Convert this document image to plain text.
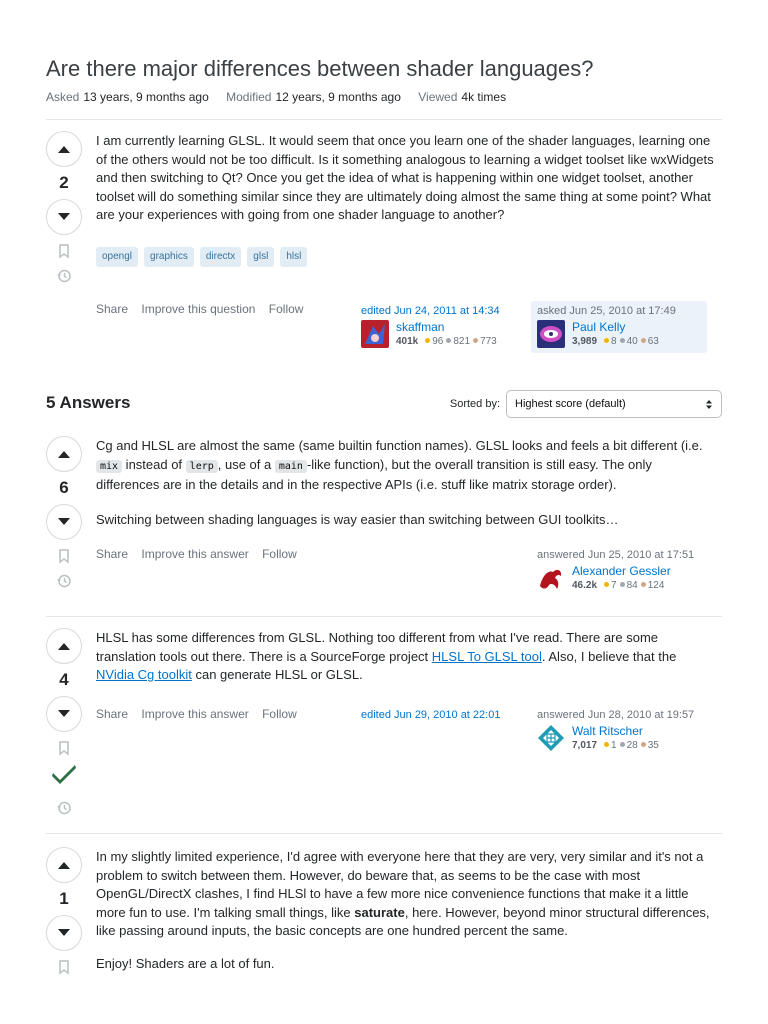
Are there major differences between shader languages?
Asked 13 years, 9 months ago Modified 12 years, 9 months ago Viewed 4k times
2

I am currently learning GLSL. It would seem that once you learn one of the shader languages, learning one of the others would not be too difficult. Is it something analogous to learning a widget toolset like wxWidgets and then switching to Qt? Once you get the idea of what is happening within one widget toolset, another toolset will do something similar since they are ultimately doing almost the same thing at some point? What are your experiences with going from one shader language to another?

opengl	graphics	directx	glsl	hlsl
Share Improve this question Follow	edited Jun 24, 2011 at 14:34
skaffman
401k 96 821 773
asked Jun 25, 2010 at 17:49
Paul Kelly
3,989 8 40 63
5 Answers	Sorted by: Highest score (default)
6

Cg and HLSL are almost the same (same builtin function names). GLSL looks and feels a bit different (i.e. mix instead of lerp , use of a main -like function), but the overall transition is still easy. The only differences are in the details and in the respective APIs (i.e. stuff like matrix storage order).

Switching between shading languages is way easier than switching between GUI toolkits…

Share Improve this answer Follow	answered Jun 25, 2010 at 17:51
Alexander Gessler
46.2k 7 84 124
4

HLSL has some differences from GLSL. Nothing too different from what I've read. There are some translation tools out there. There is a SourceForge project HLSL To GLSL tool. Also, I believe that the NVidia Cg toolkit can generate HLSL or GLSL.

Share Improve this answer Follow	edited Jun 29, 2010 at 22:01	answered Jun 28, 2010 at 19:57
Walt Ritscher
7,017 1 28 35
1

In my slightly limited experience, I'd agree with everyone here that they are very, very similar and it's not a problem to switch between them. However, do beware that, as seems to be the case with most OpenGL/DirectX clashes, I find HLSl to have a few more nice convenience functions that make it a little more fun to use. I'm talking small things, like saturate, here. However, beyond minor structural differences, like passing around inputs, the basic concepts are one hundred percent the same.

Enjoy! Shaders are a lot of fun.
